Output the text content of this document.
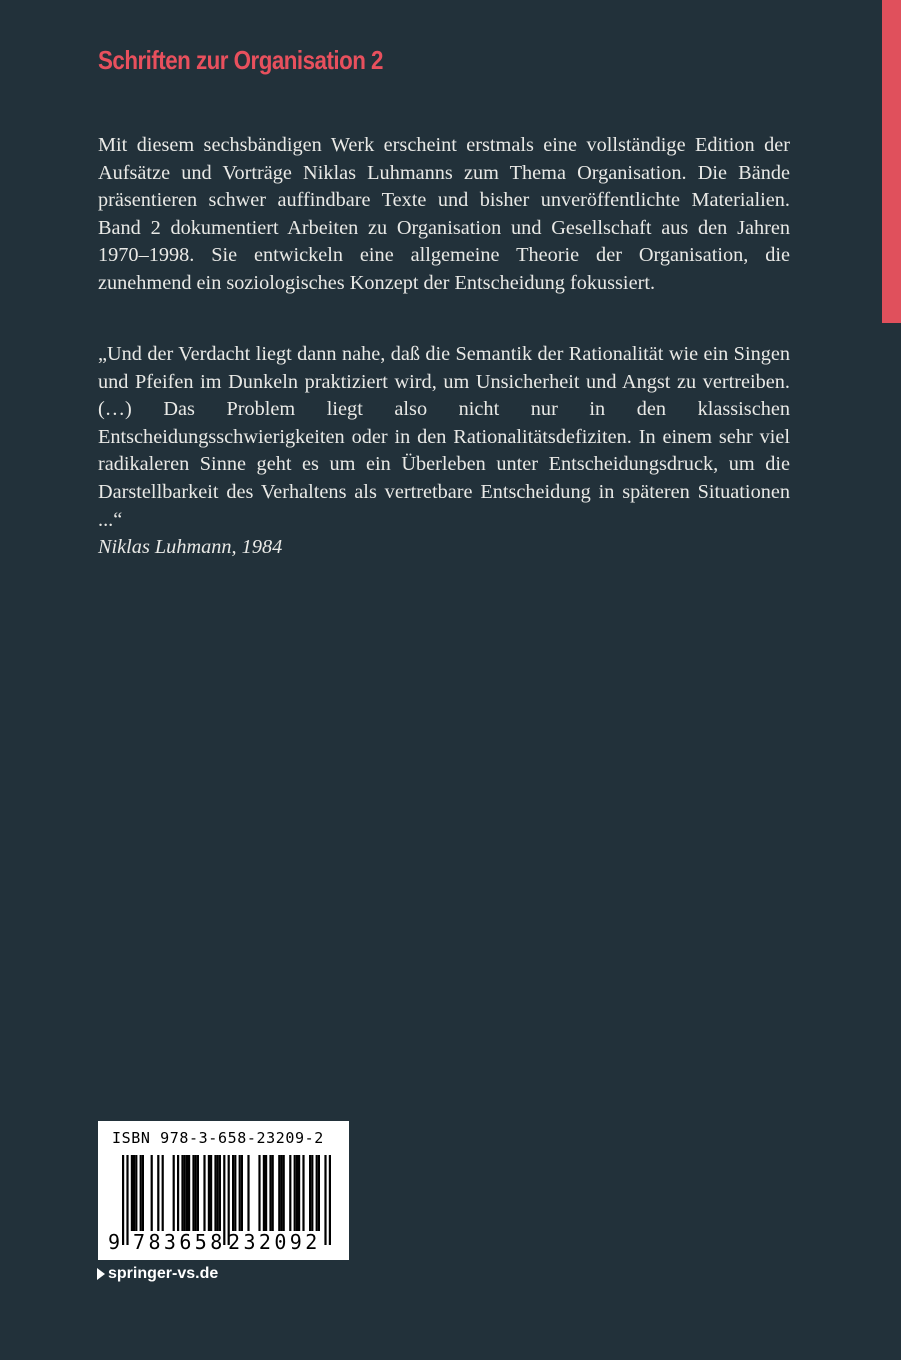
Schriften zur Organisation 2
Mit diesem sechsbändigen Werk erscheint erstmals eine vollständige Edition der Aufsätze und Vorträge Niklas Luhmanns zum Thema Organisation. Die Bände präsentieren schwer auffindbare Texte und bisher unveröffentlichte Materialien. Band 2 dokumentiert Arbeiten zu Organisation und Gesellschaft aus den Jahren 1970–1998. Sie entwickeln eine allgemeine Theorie der Organisation, die zunehmend ein soziologisches Konzept der Entscheidung fokussiert.
„Und der Verdacht liegt dann nahe, daß die Semantik der Rationalität wie ein Singen und Pfeifen im Dunkeln praktiziert wird, um Unsicherheit und Angst zu vertreiben. (…) Das Problem liegt also nicht nur in den klassischen Entscheidungsschwierigkeiten oder in den Rationalitätsdefiziten. In einem sehr viel radikaleren Sinne geht es um ein Überleben unter Entscheidungsdruck, um die Darstellbarkeit des Verhaltens als vertretbare Entscheidung in späteren Situationen ...“
Niklas Luhmann, 1984
ISBN 978-3-658-23209-2
9 783658 232092
springer-vs.de
